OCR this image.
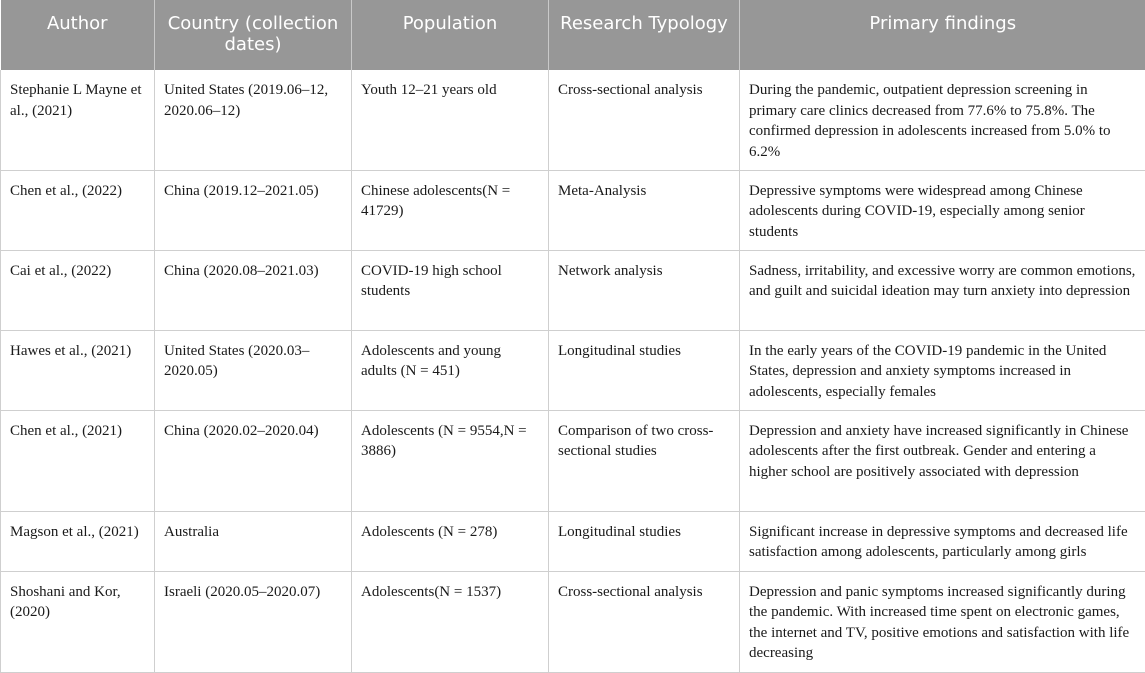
Author	Country (collection dates)	Population	Research Typology	Primary findings
Stephanie L Mayne et al., (2021)	United States (2019.06–12, 2020.06–12)	Youth 12–21 years old	Cross-sectional analysis	During the pandemic, outpatient depression screening in primary care clinics decreased from 77.6% to 75.8%. The confirmed depression in adolescents increased from 5.0% to 6.2%
Chen et al., (2022)	China (2019.12–2021.05)	Chinese adolescents(N = 41729)	Meta-Analysis	Depressive symptoms were widespread among Chinese adolescents during COVID-19, especially among senior students
Cai et al., (2022)	China (2020.08–2021.03)	COVID-19 high school students	Network analysis	Sadness, irritability, and excessive worry are common emotions, and guilt and suicidal ideation may turn anxiety into depression
Hawes et al., (2021)	United States (2020.03–2020.05)	Adolescents and young adults (N = 451)	Longitudinal studies	In the early years of the COVID-19 pandemic in the United States, depression and anxiety symptoms increased in adolescents, especially females
Chen et al., (2021)	China (2020.02–2020.04)	Adolescents (N = 9554,N = 3886)	Comparison of two cross-sectional studies	Depression and anxiety have increased significantly in Chinese adolescents after the first outbreak. Gender and entering a higher school are positively associated with depression
Magson et al., (2021)	Australia	Adolescents (N = 278)	Longitudinal studies	Significant increase in depressive symptoms and decreased life satisfaction among adolescents, particularly among girls
Shoshani and Kor, (2020)	Israeli (2020.05–2020.07)	Adolescents(N = 1537)	Cross-sectional analysis	Depression and panic symptoms increased significantly during the pandemic. With increased time spent on electronic games, the internet and TV, positive emotions and satisfaction with life decreasing
